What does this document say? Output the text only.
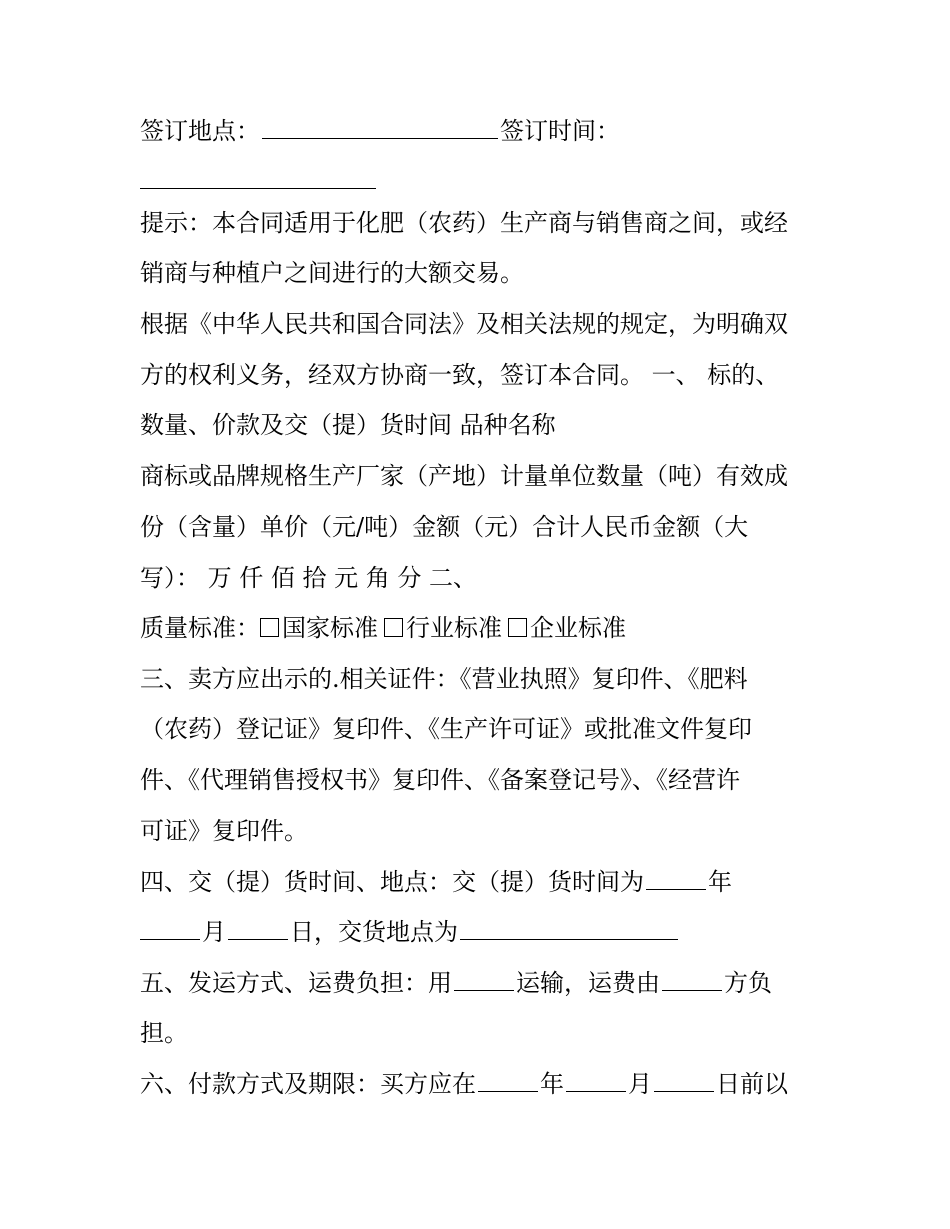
签订地点：	签订时间：
提示：本合同适用于化肥（农药）生产商与销售商之间，或经
销商与种植户之间进行的大额交易。
根据《中华人民共和国合同法》及相关法规的规定，为明确双
方的权利义务，经双方协商一致，签订本合同。 一、 标的、
数量、价款及交（提）货时间 品种名称
商标或品牌规格生产厂家（产地）计量单位数量（吨）有效成
份（含量）单价（元/吨）金额（元）合计人民币金额（大
写）： 万 仟 佰 拾 元 角 分 二、
质量标准： 国家标准 行业标准 企业标准
三、卖方应出示的.相关证件：《营业执照》复印件、《肥料
（农药）登记证》复印件、《生产许可证》或批准文件复印
件、《代理销售授权书》复印件、《备案登记号》、《经营许
可证》复印件。
四、交（提）货时间、地点：交（提）货时间为	年
月	日，交货地点为
五、发运方式、运费负担：用	运输，运费由	方负
担。
六、付款方式及期限：买方应在	年	月	日前以
